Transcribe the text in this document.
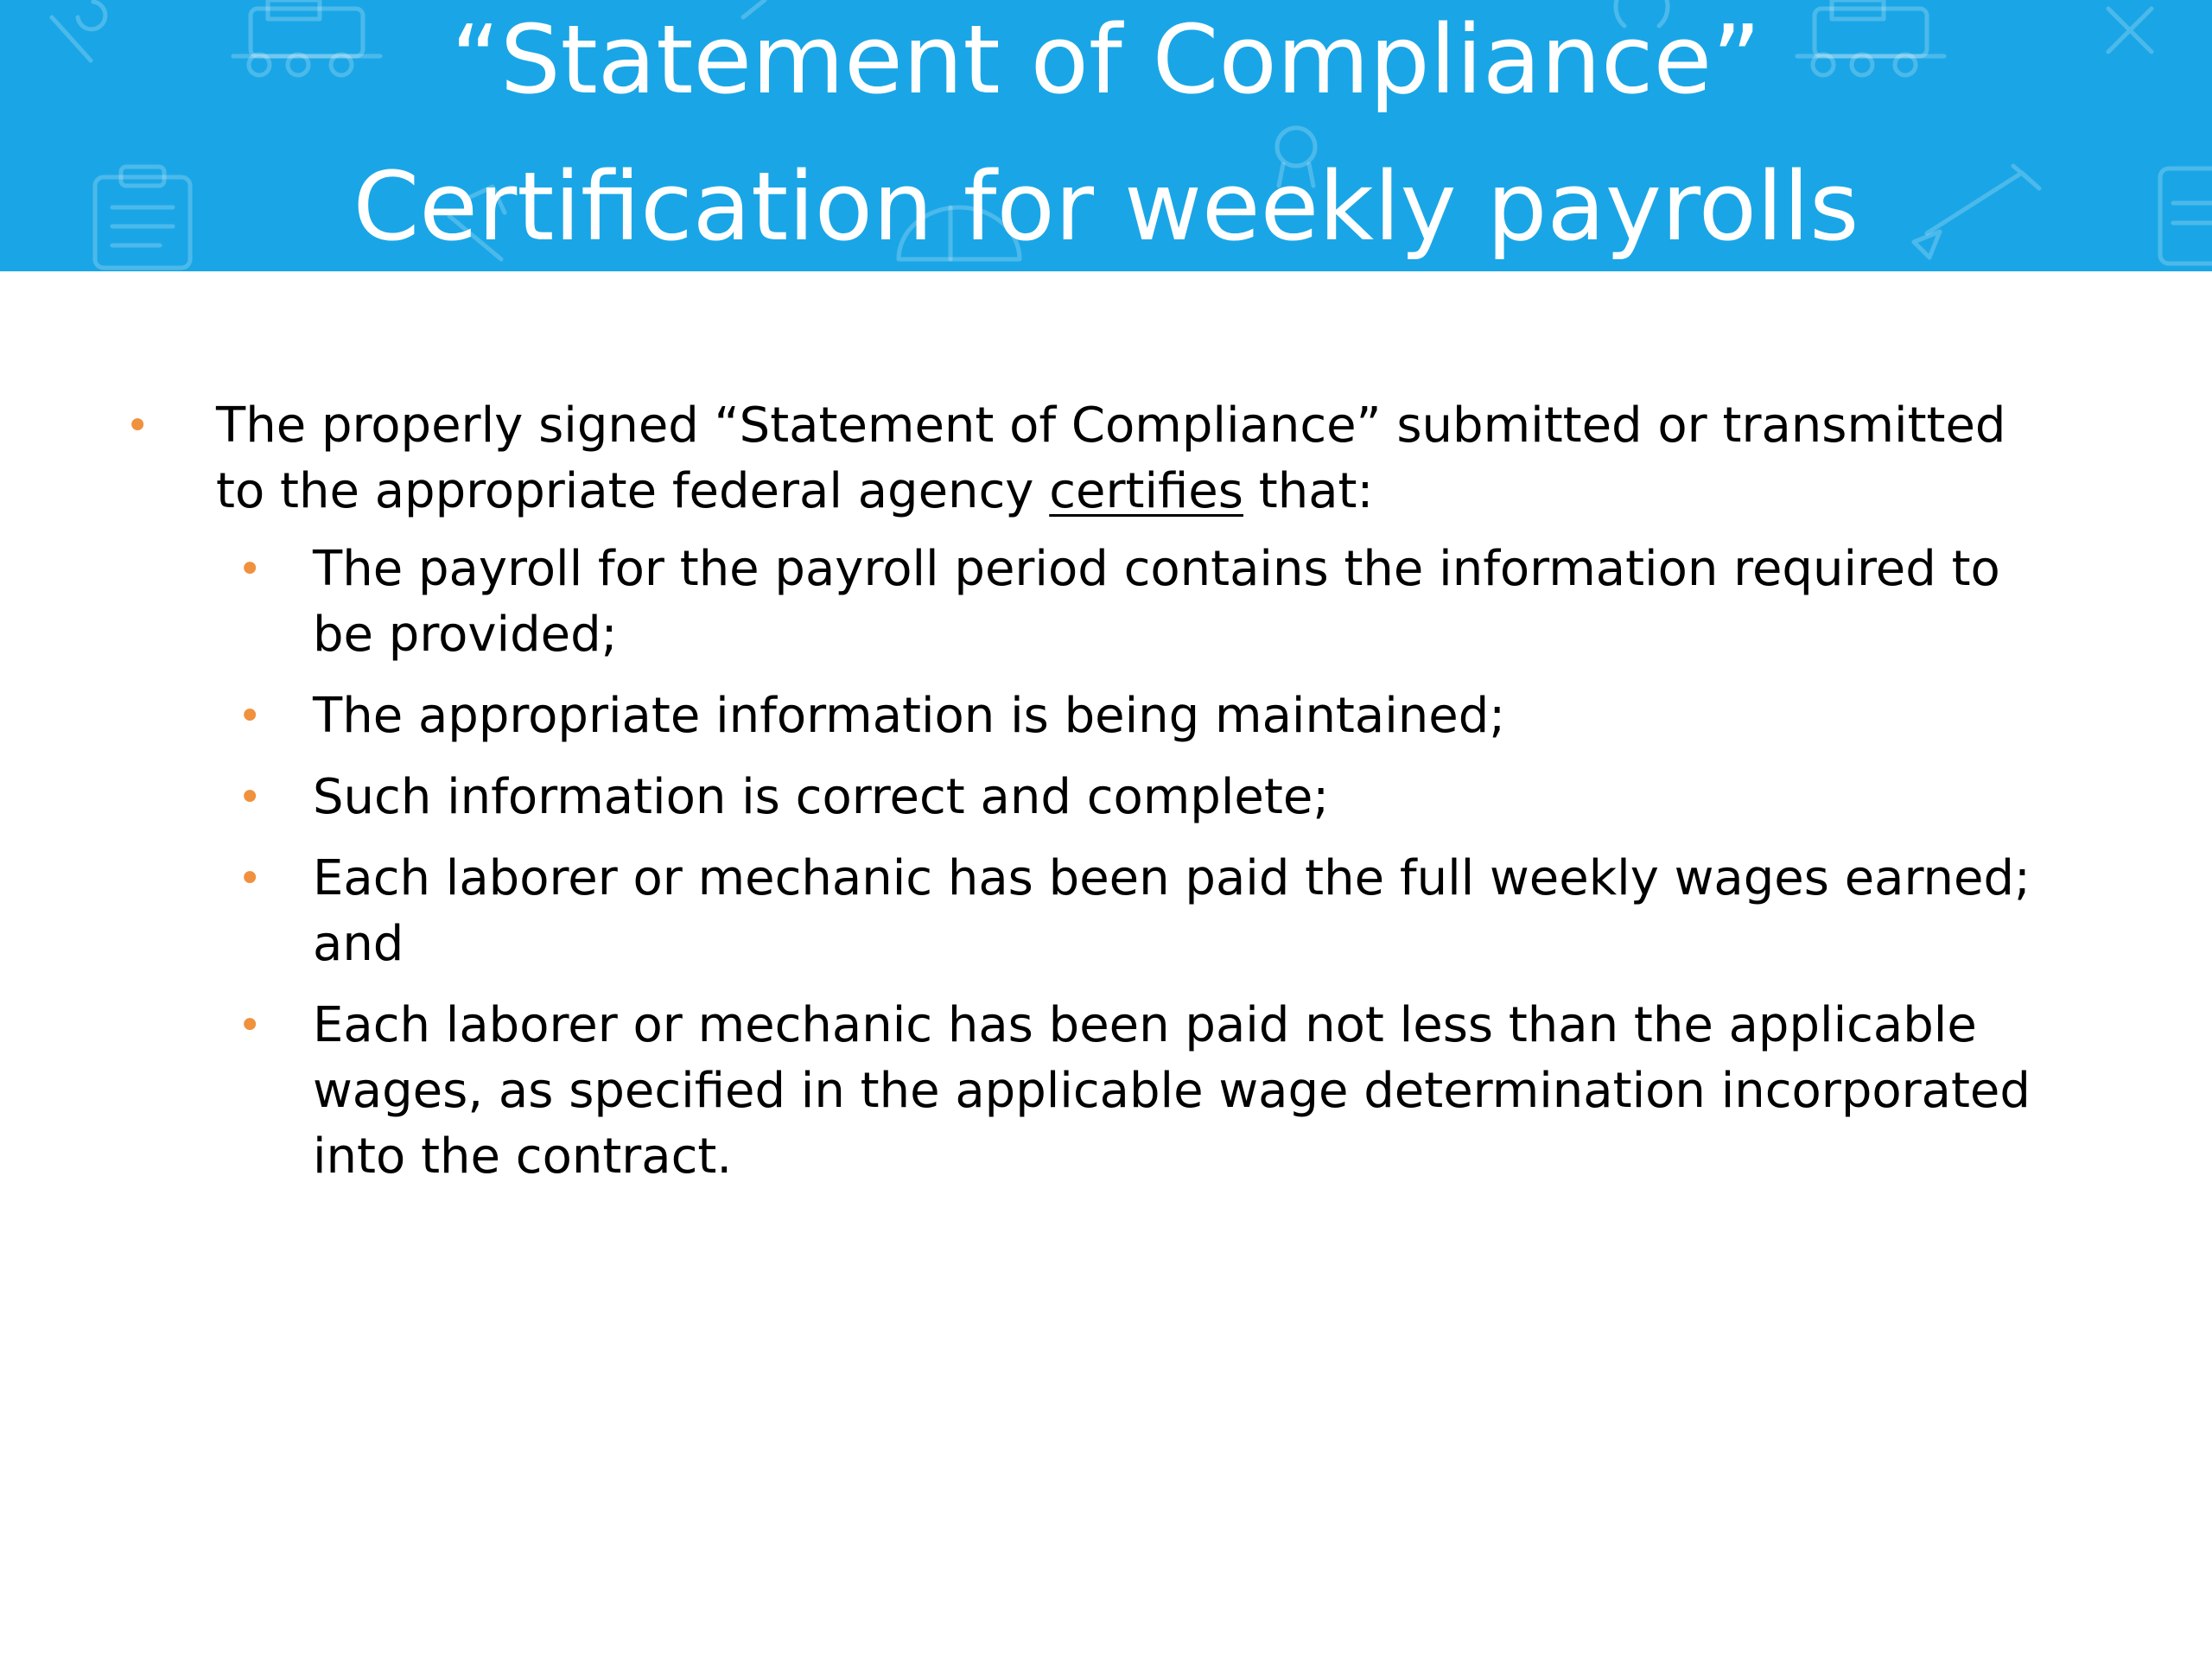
“Statement of Compliance”
Certification for weekly payrolls
• The properly signed “Statement of Compliance” submitted or transmitted
to the appropriate federal agency certifies that:
• The payroll for the payroll period contains the information required to
be provided;
• The appropriate information is being maintained;
• Such information is correct and complete;
• Each laborer or mechanic has been paid the full weekly wages earned;
and
• Each laborer or mechanic has been paid not less than the applicable
wages, as specified in the applicable wage determination incorporated
into the contract.
